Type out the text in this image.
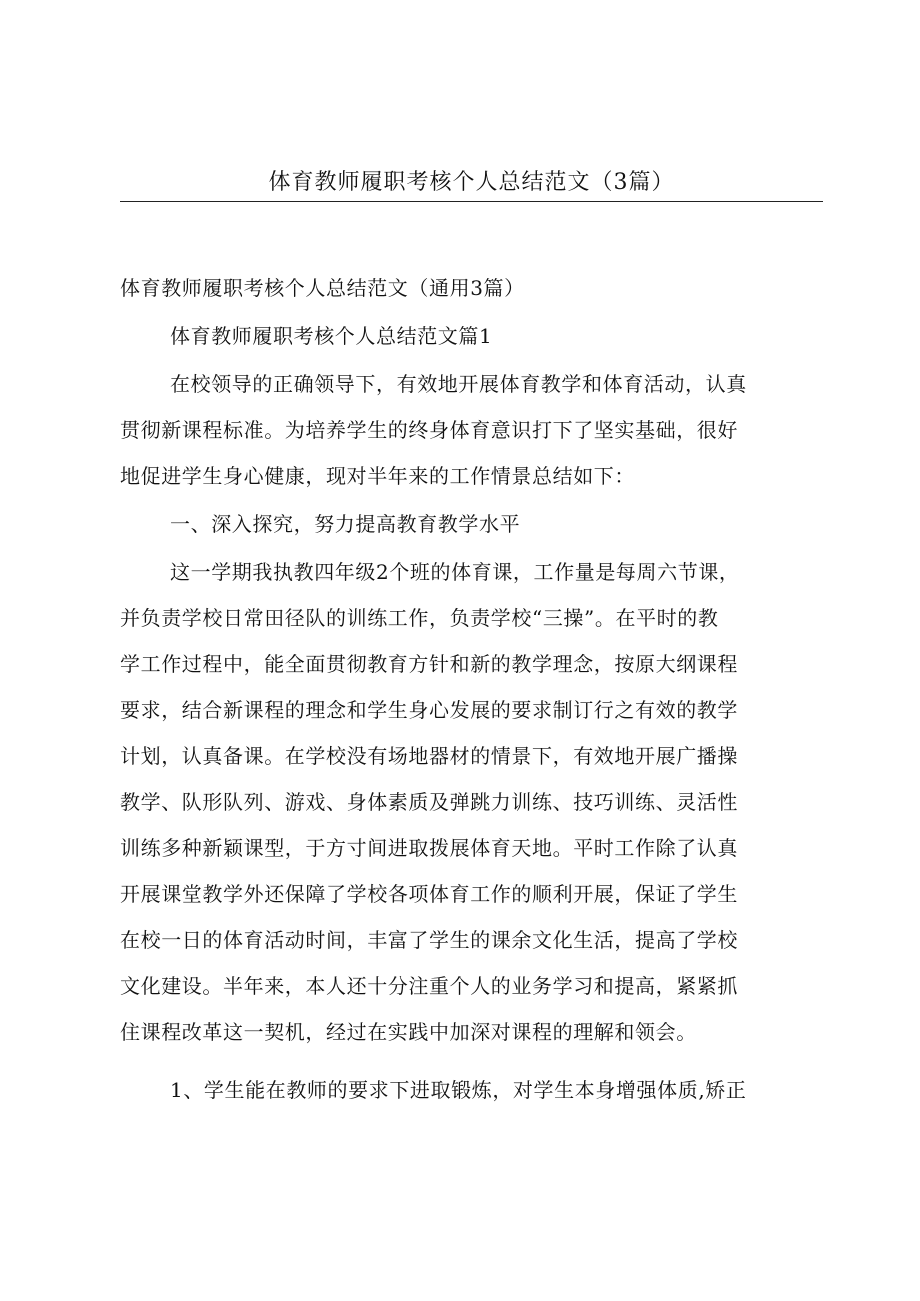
体育教师履职考核个人总结范文（3篇）
体育教师履职考核个人总结范文（通用3篇）
体育教师履职考核个人总结范文篇1
在校领导的正确领导下，有效地开展体育教学和体育活动，认真
贯彻新课程标准。为培养学生的终身体育意识打下了坚实基础，很好
地促进学生身心健康，现对半年来的工作情景总结如下：
一、深入探究，努力提高教育教学水平
这一学期我执教四年级2个班的体育课，工作量是每周六节课，
并负责学校日常田径队的训练工作，负责学校“三操”。在平时的教
学工作过程中，能全面贯彻教育方针和新的教学理念，按原大纲课程
要求，结合新课程的理念和学生身心发展的要求制订行之有效的教学
计划，认真备课。在学校没有场地器材的情景下，有效地开展广播操
教学、队形队列、游戏、身体素质及弹跳力训练、技巧训练、灵活性
训练多种新颖课型，于方寸间进取拨展体育天地。平时工作除了认真
开展课堂教学外还保障了学校各项体育工作的顺利开展，保证了学生
在校一日的体育活动时间，丰富了学生的课余文化生活，提高了学校
文化建设。半年来，本人还十分注重个人的业务学习和提高，紧紧抓
住课程改革这一契机，经过在实践中加深对课程的理解和领会。
1、学生能在教师的要求下进取锻炼，对学生本身增强体质,矫正
